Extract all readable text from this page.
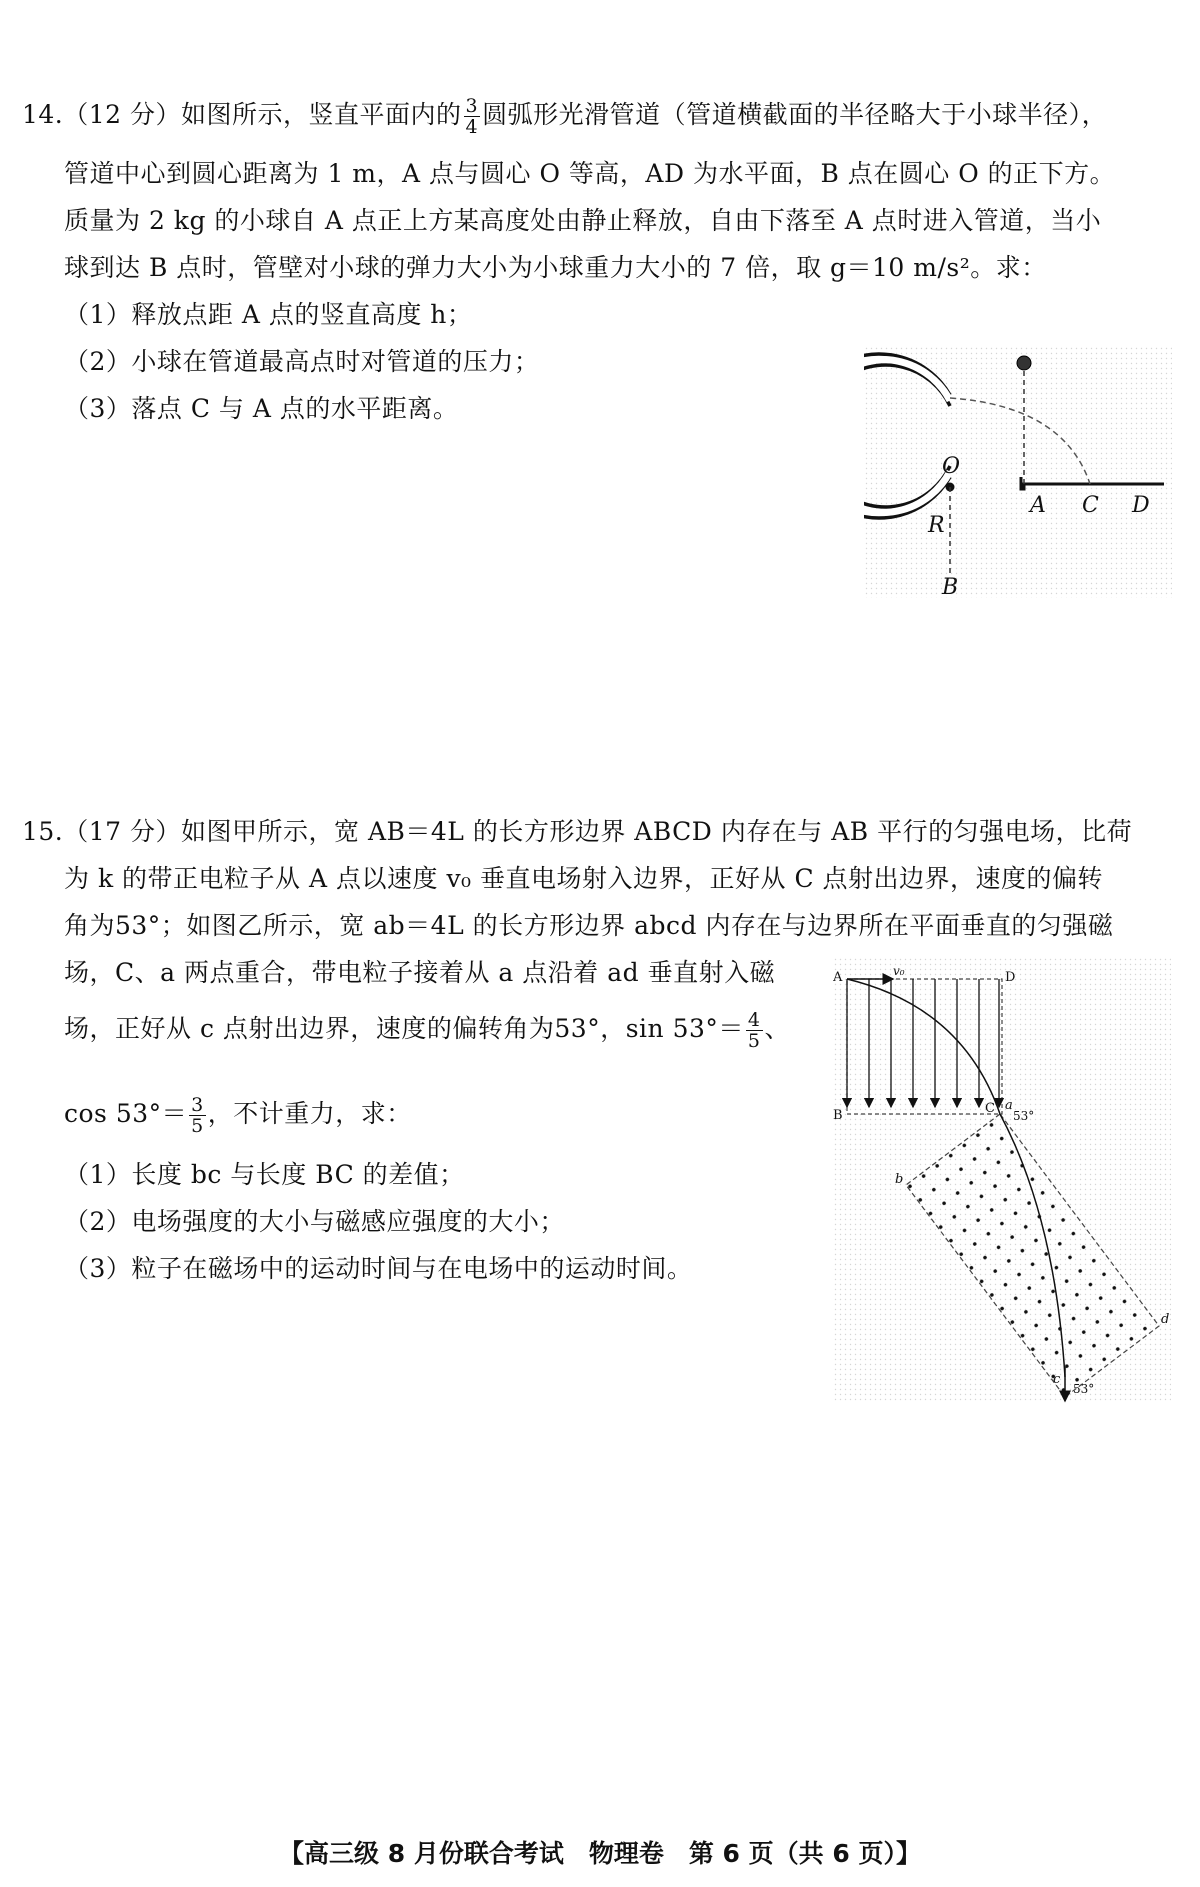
14.（12 分）如图所示，竖直平面内的 $\frac{3}{4}$ 圆弧形光滑管道（管道横截面的半径略大于小球半径），
管道中心到圆心距离为 1 m，A 点与圆心 O 等高，AD 为水平面，B 点在圆心 O 的正下方。
质量为 2 kg 的小球自 A 点正上方某高度处由静止释放，自由下落至 A 点时进入管道，当小
球到达 B 点时，管壁对小球的弹力大小为小球重力大小的 7 倍，取 g＝10 m/s²。求：
（1）释放点距 A 点的竖直高度 h；
（2）小球在管道最高点时对管道的压力；
（3）落点 C 与 A 点的水平距离。
O
R
A C D
B
15.（17 分）如图甲所示，宽 AB＝4L 的长方形边界 ABCD 内存在与 AB 平行的匀强电场，比荷
为 k 的带正电粒子从 A 点以速度 v₀ 垂直电场射入边界，正好从 C 点射出边界，速度的偏转
角为53°；如图乙所示，宽 ab＝4L 的长方形边界 abcd 内存在与边界所在平面垂直的匀强磁
场，C、a 两点重合，带电粒子接着从 a 点沿着 ad 垂直射入磁
场，正好从 c 点射出边界，速度的偏转角为53°，$\sin 53^\circ= \frac{4}{5}$ 、
$\cos 53^\circ= \frac{3}{5}$ ，不计重力，求：
（1）长度 bc 与长度 BC 的差值；
（2）电场强度的大小与磁感应强度的大小；
（3）粒子在磁场中的运动时间与在电场中的运动时间。
A	D
B	C a
b
c
d
v₀
53°
53°
【高三级 8 月份联合考试　物理卷　第 6 页（共 6 页）】
